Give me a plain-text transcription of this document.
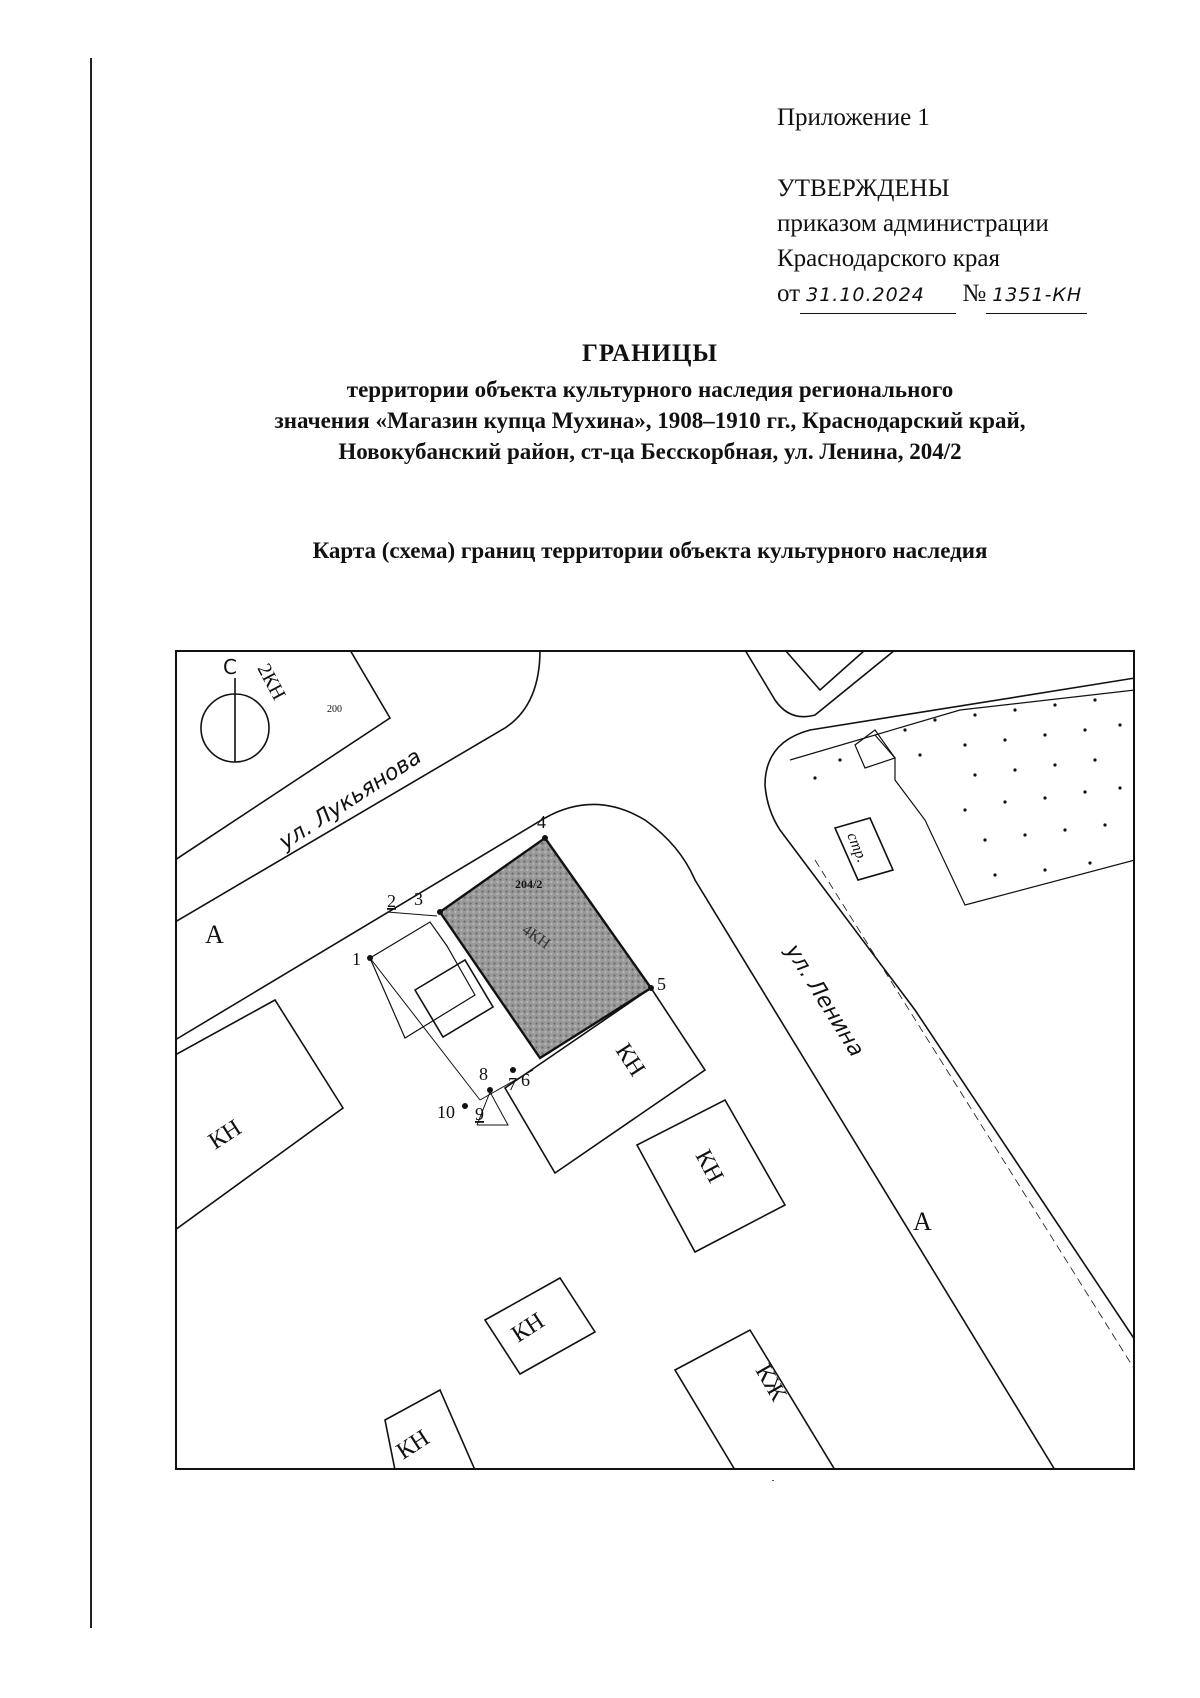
Приложение 1
УТВЕРЖДЕНЫ
приказом администрации
Краснодарского края
от 31.10.2024 № 1351-КН
ГРАНИЦЫ
территории объекта культурного наследия регионального
значения «Магазин купца Мухина», 1908–1910 гг., Краснодарский край,
Новокубанский район, ст-ца Бесскорбная, ул. Ленина, 204/2
Карта (схема) границ территории объекта культурного наследия
1
2 3
4
5
6
7
8
9
10
ул. Лукьянова
ул. Ленина
А
А
С 2КН
200
КН
КН
КН
КН
КН
КЖ
стр.
204/2
4КН
